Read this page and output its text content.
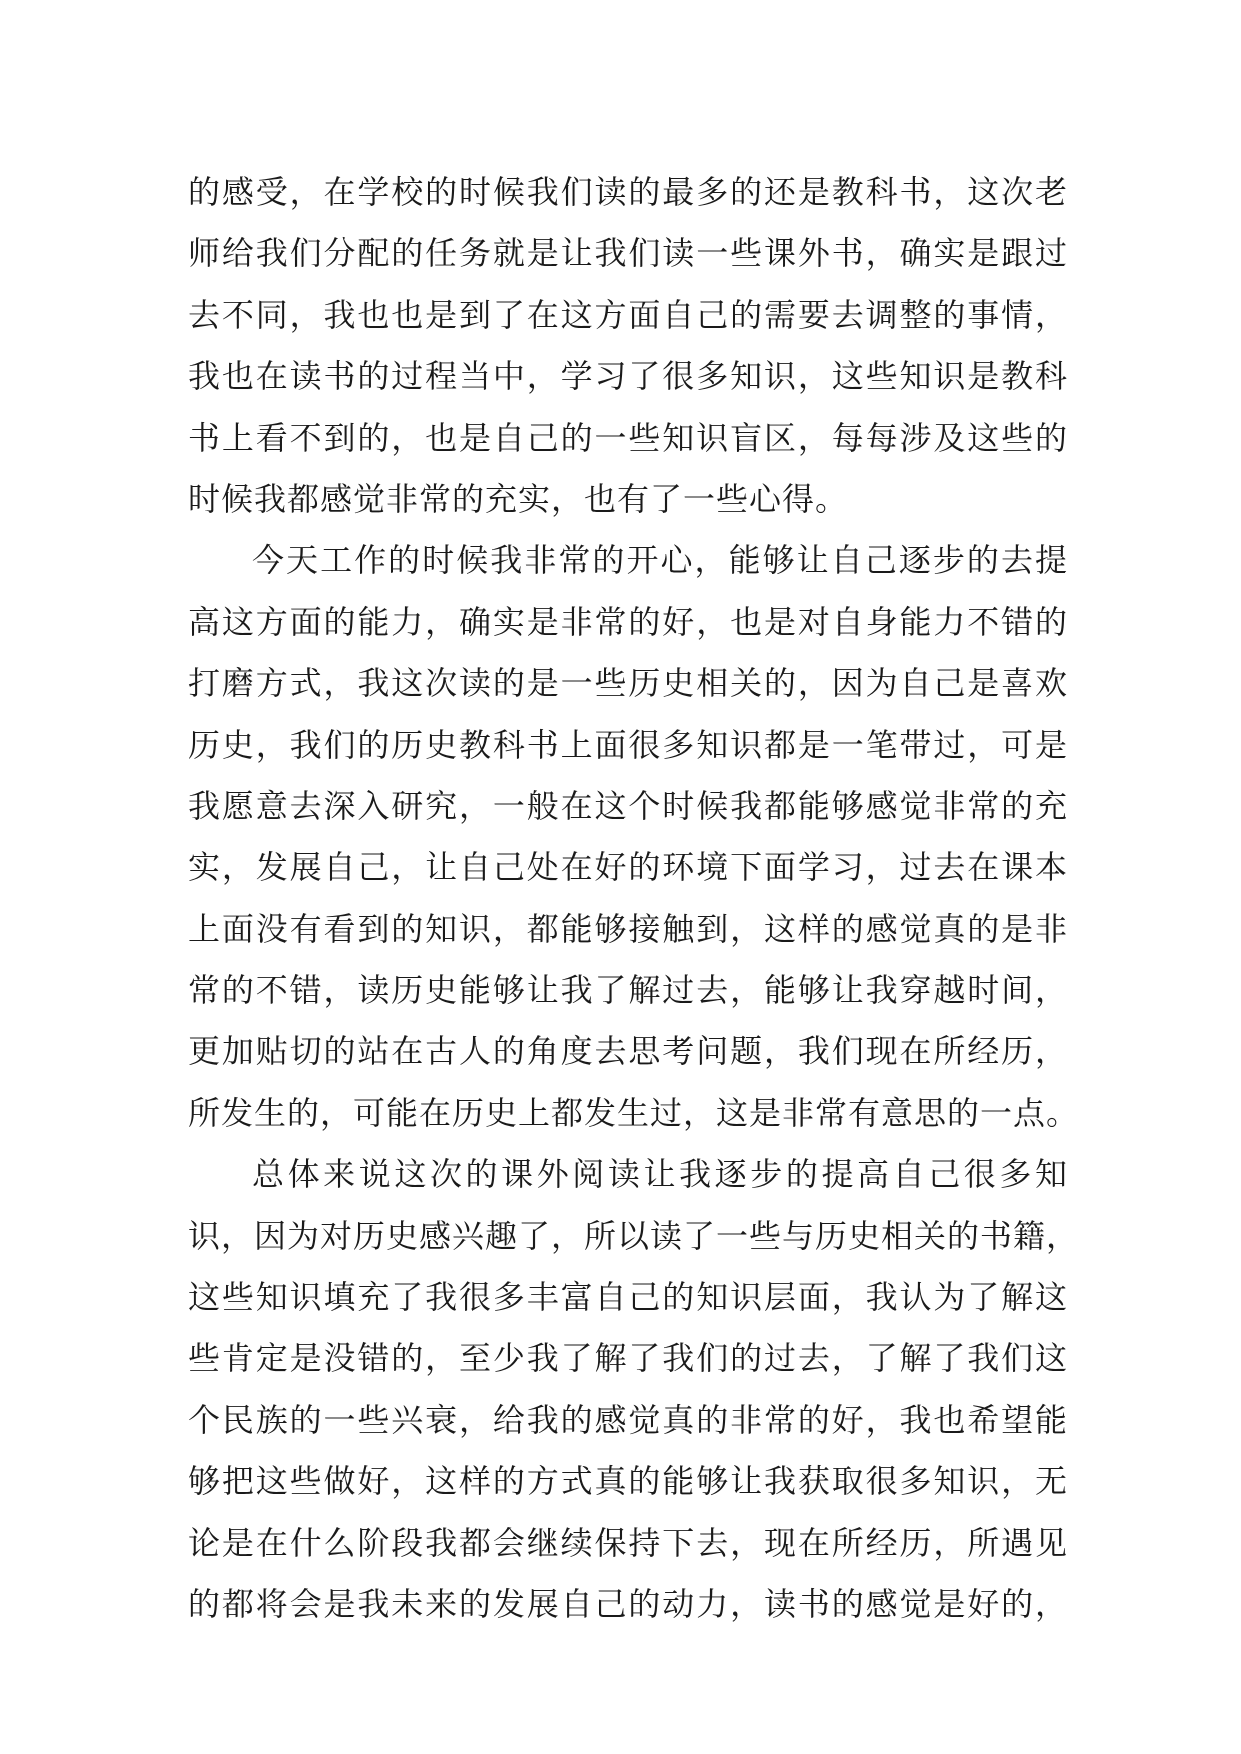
的感受，在学校的时候我们读的最多的还是教科书，这次老
师给我们分配的任务就是让我们读一些课外书，确实是跟过
去不同，我也也是到了在这方面自己的需要去调整的事情，
我也在读书的过程当中，学习了很多知识，这些知识是教科
书上看不到的，也是自己的一些知识盲区，每每涉及这些的
时候我都感觉非常的充实，也有了一些心得。
今天工作的时候我非常的开心，能够让自己逐步的去提
高这方面的能力，确实是非常的好，也是对自身能力不错的
打磨方式，我这次读的是一些历史相关的，因为自己是喜欢
历史，我们的历史教科书上面很多知识都是一笔带过，可是
我愿意去深入研究，一般在这个时候我都能够感觉非常的充
实，发展自己，让自己处在好的环境下面学习，过去在课本
上面没有看到的知识，都能够接触到，这样的感觉真的是非
常的不错，读历史能够让我了解过去，能够让我穿越时间，
更加贴切的站在古人的角度去思考问题，我们现在所经历，
所发生的，可能在历史上都发生过，这是非常有意思的一点。
总体来说这次的课外阅读让我逐步的提高自己很多知
识，因为对历史感兴趣了，所以读了一些与历史相关的书籍，
这些知识填充了我很多丰富自己的知识层面，我认为了解这
些肯定是没错的，至少我了解了我们的过去，了解了我们这
个民族的一些兴衰，给我的感觉真的非常的好，我也希望能
够把这些做好，这样的方式真的能够让我获取很多知识，无
论是在什么阶段我都会继续保持下去，现在所经历，所遇见
的都将会是我未来的发展自己的动力，读书的感觉是好的，
